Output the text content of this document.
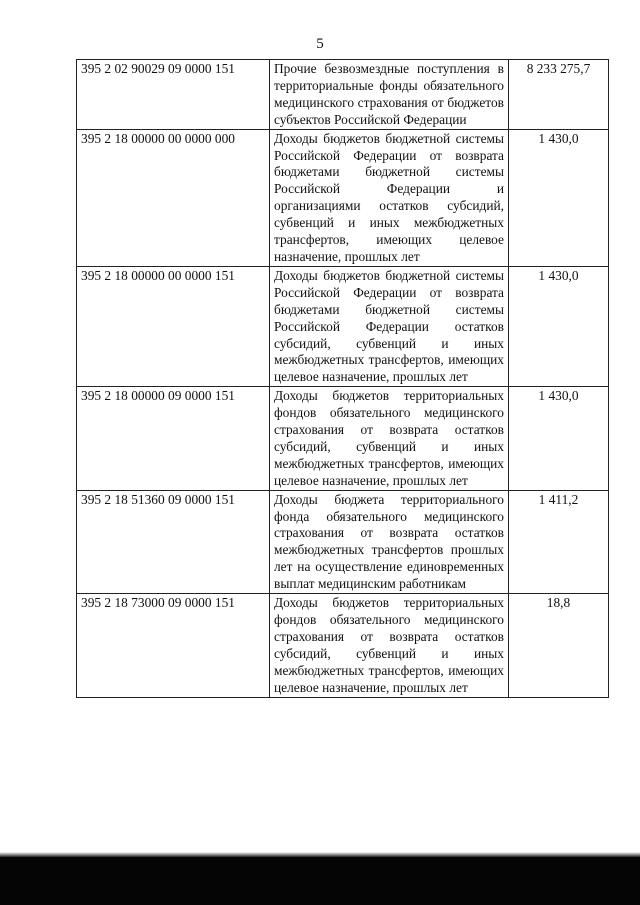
5
395 2 02 90029 09 0000 151	Прочие безвозмездные поступления в территориальные фонды обязательного медицинского страхования от бюджетов субъектов Российской Федерации	8 233 275,7
395 2 18 00000 00 0000 000	Доходы бюджетов бюджетной системы Российской Федерации от возврата бюджетами бюджетной системы Российской Федерации и организациями остатков субсидий, субвенций и иных межбюджетных трансфертов, имеющих целевое назначение, прошлых лет	1 430,0
395 2 18 00000 00 0000 151	Доходы бюджетов бюджетной системы Российской Федерации от возврата бюджетами бюджетной системы Российской Федерации остатков субсидий, субвенций и иных межбюджетных трансфертов, имеющих целевое назначение, прошлых лет	1 430,0
395 2 18 00000 09 0000 151	Доходы бюджетов территориальных фондов обязательного медицинского страхования от возврата остатков субсидий, субвенций и иных межбюджетных трансфертов, имеющих целевое назначение, прошлых лет	1 430,0
395 2 18 51360 09 0000 151	Доходы бюджета территориального фонда обязательного медицинского страхования от возврата остатков межбюджетных трансфертов прошлых лет на осуществление единовременных выплат медицинским работникам	1 411,2
395 2 18 73000 09 0000 151	Доходы бюджетов территориальных фондов обязательного медицинского страхования от возврата остатков субсидий, субвенций и иных межбюджетных трансфертов, имеющих целевое назначение, прошлых лет	18,8
